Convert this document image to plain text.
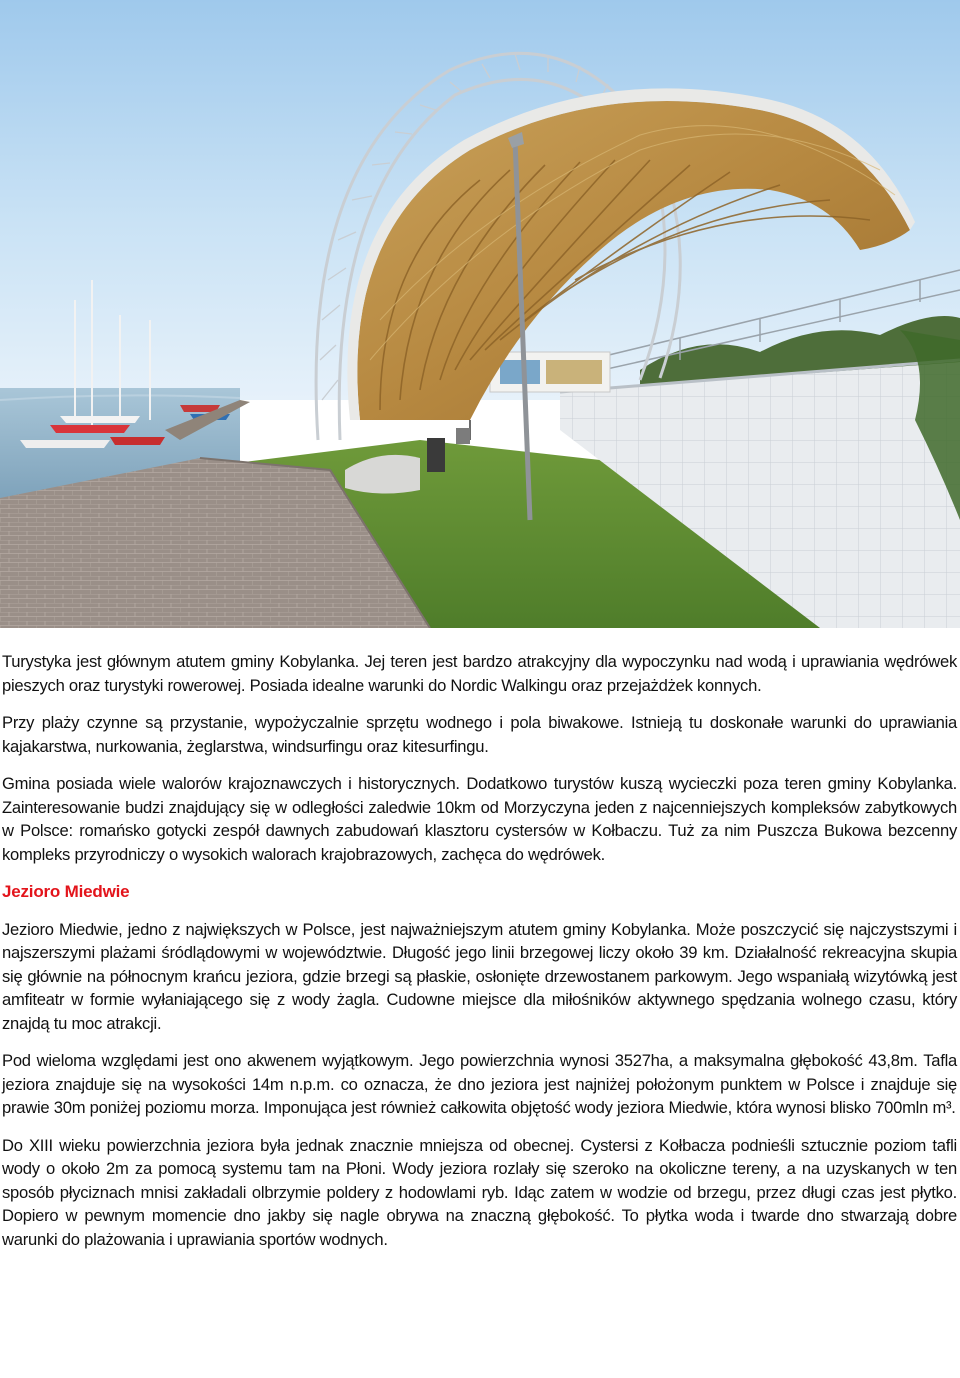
Turystyka jest głównym atutem gminy Kobylanka. Jej teren jest bardzo atrakcyjny dla wypoczynku nad wodą i uprawiania wędrówek pieszych oraz turystyki rowerowej. Posiada idealne warunki do Nordic Walkingu oraz przejażdżek konnych.

Przy plaży czynne są przystanie, wypożyczalnie sprzętu wodnego i pola biwakowe. Istnieją tu doskonałe warunki do uprawiania kajakarstwa, nurkowania, żeglarstwa, windsurfingu oraz kitesurfingu.

Gmina posiada wiele walorów krajoznawczych i historycznych. Dodatkowo turystów kuszą wycieczki poza teren gminy Kobylanka. Zainteresowanie budzi znajdujący się w odległości zaledwie 10km od Morzyczyna jeden z najcenniejszych kompleksów zabytkowych w Polsce: romańsko gotycki zespół dawnych zabudowań klasztoru cystersów w Kołbaczu. Tuż za nim Puszcza Bukowa bezcenny kompleks przyrodniczy o wysokich walorach krajobrazowych, zachęca do wędrówek.

Jezioro Miedwie

Jezioro Miedwie, jedno z największych w Polsce, jest najważniejszym atutem gminy Kobylanka. Może poszczycić się najczystszymi i najszerszymi plażami śródlądowymi w województwie. Długość jego linii brzegowej liczy około 39 km. Działalność rekreacyjna skupia się głównie na północnym krańcu jeziora, gdzie brzegi są płaskie, osłonięte drzewostanem parkowym. Jego wspaniałą wizytówką jest amfiteatr w formie wyłaniającego się z wody żagla. Cudowne miejsce dla miłośników aktywnego spędzania wolnego czasu, który znajdą tu moc atrakcji.

Pod wieloma względami jest ono akwenem wyjątkowym. Jego powierzchnia wynosi 3527ha, a maksymalna głębokość 43,8m. Tafla jeziora znajduje się na wysokości 14m n.p.m. co oznacza, że dno jeziora jest najniżej położonym punktem w Polsce i znajduje się prawie 30m poniżej poziomu morza. Imponująca jest również całkowita objętość wody jeziora Miedwie, która wynosi blisko 700mln m³.

Do XIII wieku powierzchnia jeziora była jednak znacznie mniejsza od obecnej. Cystersi z Kołbacza podnieśli sztucznie poziom tafli wody o około 2m za pomocą systemu tam na Płoni. Wody jeziora rozlały się szeroko na okoliczne tereny, a na uzyskanych w ten sposób płyciznach mnisi zakładali olbrzymie poldery z hodowlami ryb. Idąc zatem w wodzie od brzegu, przez długi czas jest płytko. Dopiero w pewnym momencie dno jakby się nagle obrywa na znaczną głębokość. To płytka woda i twarde dno stwarzają dobre warunki do plażowania i uprawiania sportów wodnych.
